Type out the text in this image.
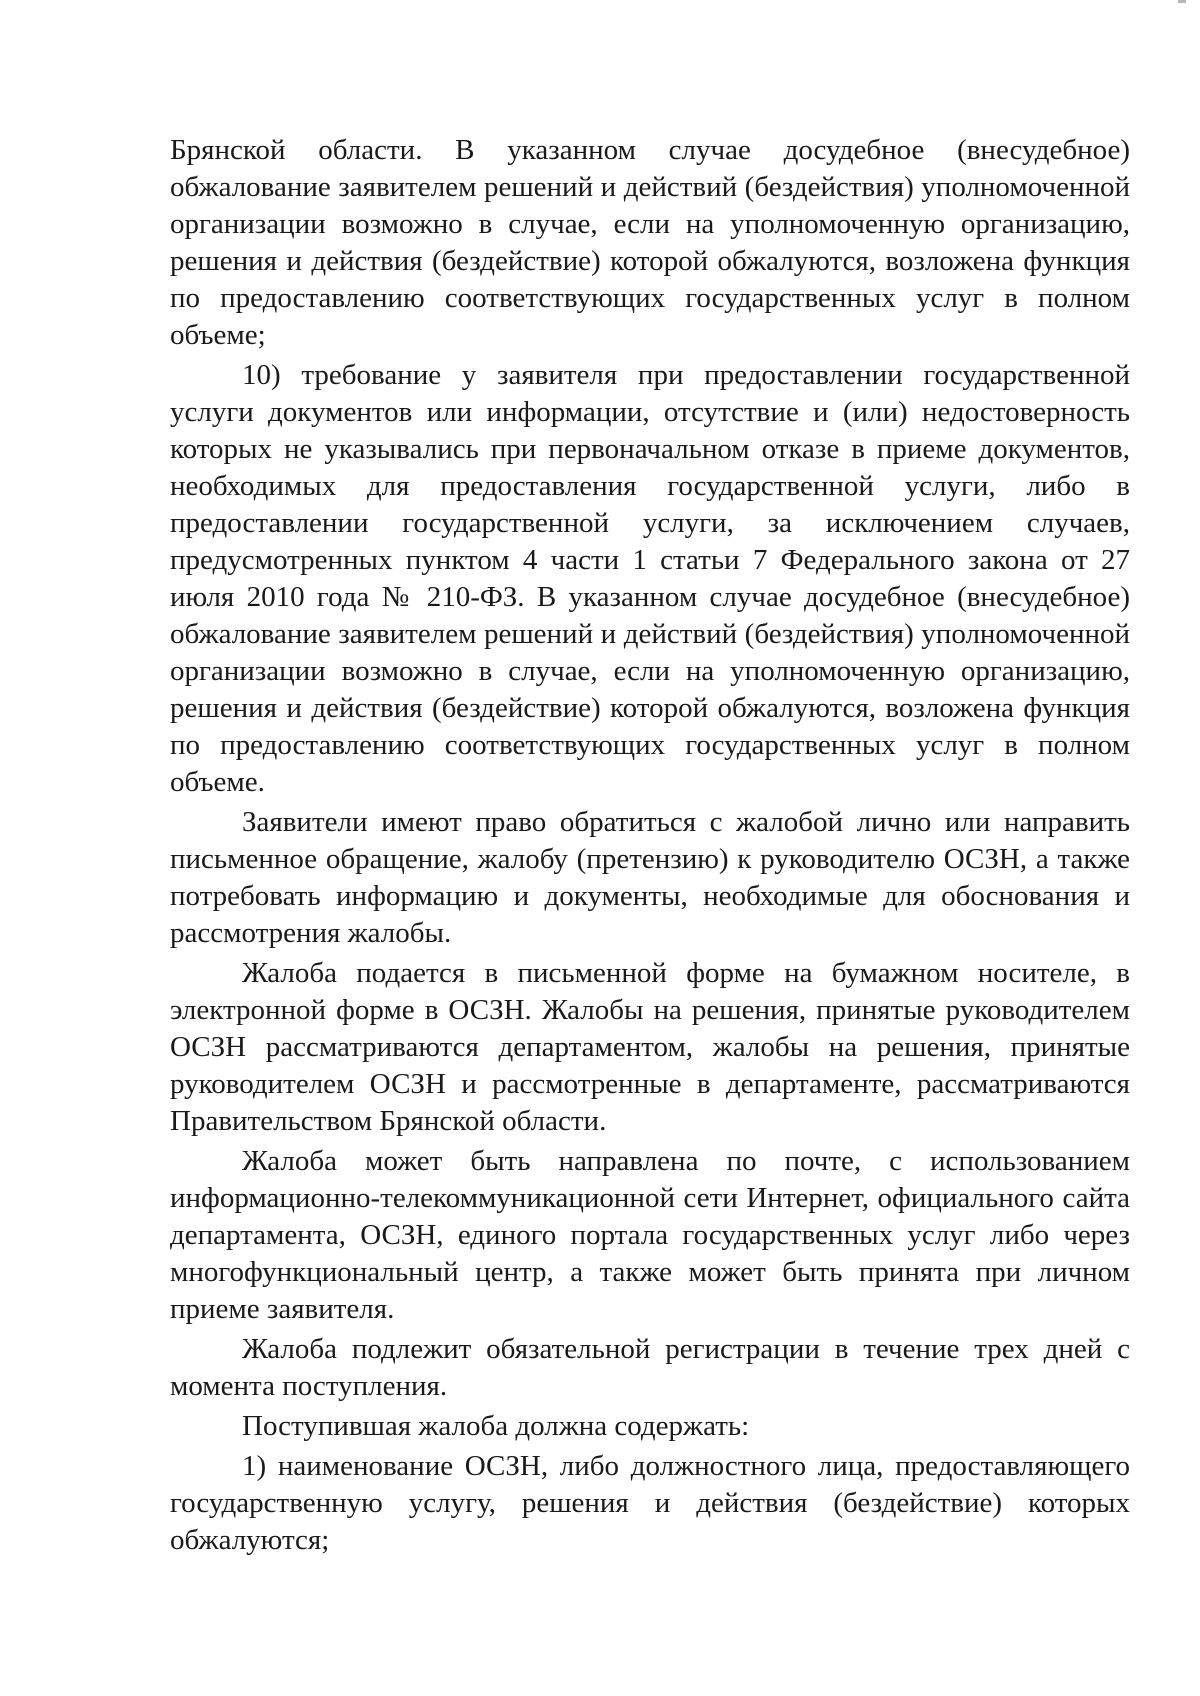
Брянской области. В указанном случае досудебное (внесудебное) обжалование заявителем решений и действий (бездействия) уполномоченной организации возможно в случае, если на уполномоченную организацию, решения и действия (бездействие) которой обжалуются, возложена функция по предоставлению соответствующих государственных услуг в полном объеме;

10) требование у заявителя при предоставлении государственной услуги документов или информации, отсутствие и (или) недостоверность которых не указывались при первоначальном отказе в приеме документов, необходимых для предоставления государственной услуги, либо в предоставлении государственной услуги, за исключением случаев, предусмотренных пунктом 4 части 1 статьи 7 Федерального закона от 27 июля 2010 года № 210-ФЗ. В указанном случае досудебное (внесудебное) обжалование заявителем решений и действий (бездействия) уполномоченной организации возможно в случае, если на уполномоченную организацию, решения и действия (бездействие) которой обжалуются, возложена функция по предоставлению соответствующих государственных услуг в полном объеме.

Заявители имеют право обратиться с жалобой лично или направить письменное обращение, жалобу (претензию) к руководителю ОСЗН, а также потребовать информацию и документы, необходимые для обоснования и рассмотрения жалобы.

Жалоба подается в письменной форме на бумажном носителе, в электронной форме в ОСЗН. Жалобы на решения, принятые руководителем ОСЗН рассматриваются департаментом, жалобы на решения, принятые руководителем ОСЗН и рассмотренные в департаменте, рассматриваются Правительством Брянской области.

Жалоба может быть направлена по почте, с использованием информационно-телекоммуникационной сети Интернет, официального сайта департамента, ОСЗН, единого портала государственных услуг либо через многофункциональный центр, а также может быть принята при личном приеме заявителя.

Жалоба подлежит обязательной регистрации в течение трех дней с момента поступления.

Поступившая жалоба должна содержать:

1) наименование ОСЗН, либо должностного лица, предоставляющего государственную услугу, решения и действия (бездействие) которых обжалуются;
